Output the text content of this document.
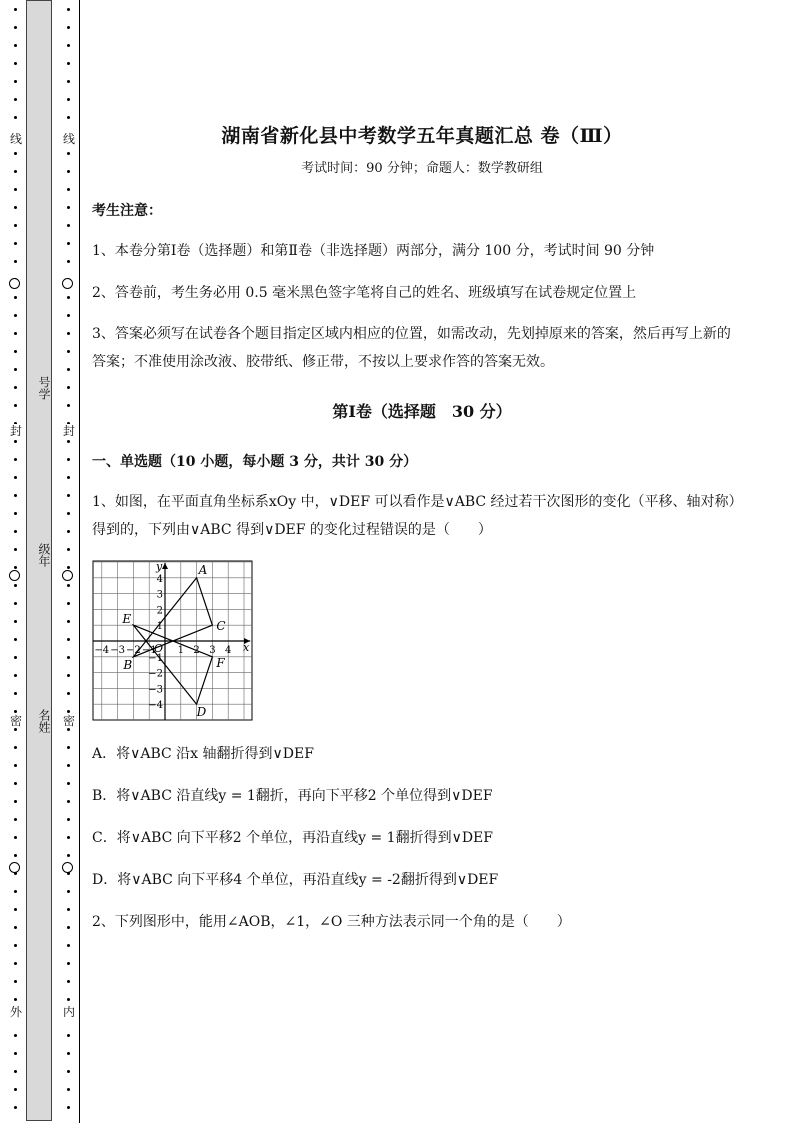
线
封
密
外
号学
级年
名姓
线
封
密
内
湖南省新化县中考数学五年真题汇总 卷（Ⅲ）
考试时间：90 分钟；命题人：数学教研组
考生注意：
1、本卷分第Ⅰ卷（选择题）和第Ⅱ卷（非选择题）两部分，满分 100 分，考试时间 90 分钟
2、答卷前，考生务必用 0.5 毫米黑色签字笔将自己的姓名、班级填写在试卷规定位置上
3、答案必须写在试卷各个题目指定区域内相应的位置，如需改动，先划掉原来的答案，然后再写上新的答案；不准使用涂改液、胶带纸、修正带，不按以上要求作答的答案无效。
第Ⅰ卷（选择题　30 分）
一、单选题（10 小题，每小题 3 分，共计 30 分）
1、如图，在平面直角坐标系xOy 中，∨DEF 可以看作是∨ABC 经过若干次图形的变化（平移、轴对称）得到的，下列由∨ABC 得到∨DEF 的变化过程错误的是（　　）
A．将∨ABC 沿x 轴翻折得到∨DEF
B．将∨ABC 沿直线y = 1翻折，再向下平移2 个单位得到∨DEF
C．将∨ABC 向下平移2 个单位，再沿直线y = 1翻折得到∨DEF
D．将∨ABC 向下平移4 个单位，再沿直线y = -2翻折得到∨DEF
2、下列图形中，能用∠AOB，∠1，∠O 三种方法表示同一个角的是（　　）
x
y
O
−4 −3 −2 −1 1 2 3 4
4
3
2
1
−1
−2
−3
−4
A
B
C
D
E
F
